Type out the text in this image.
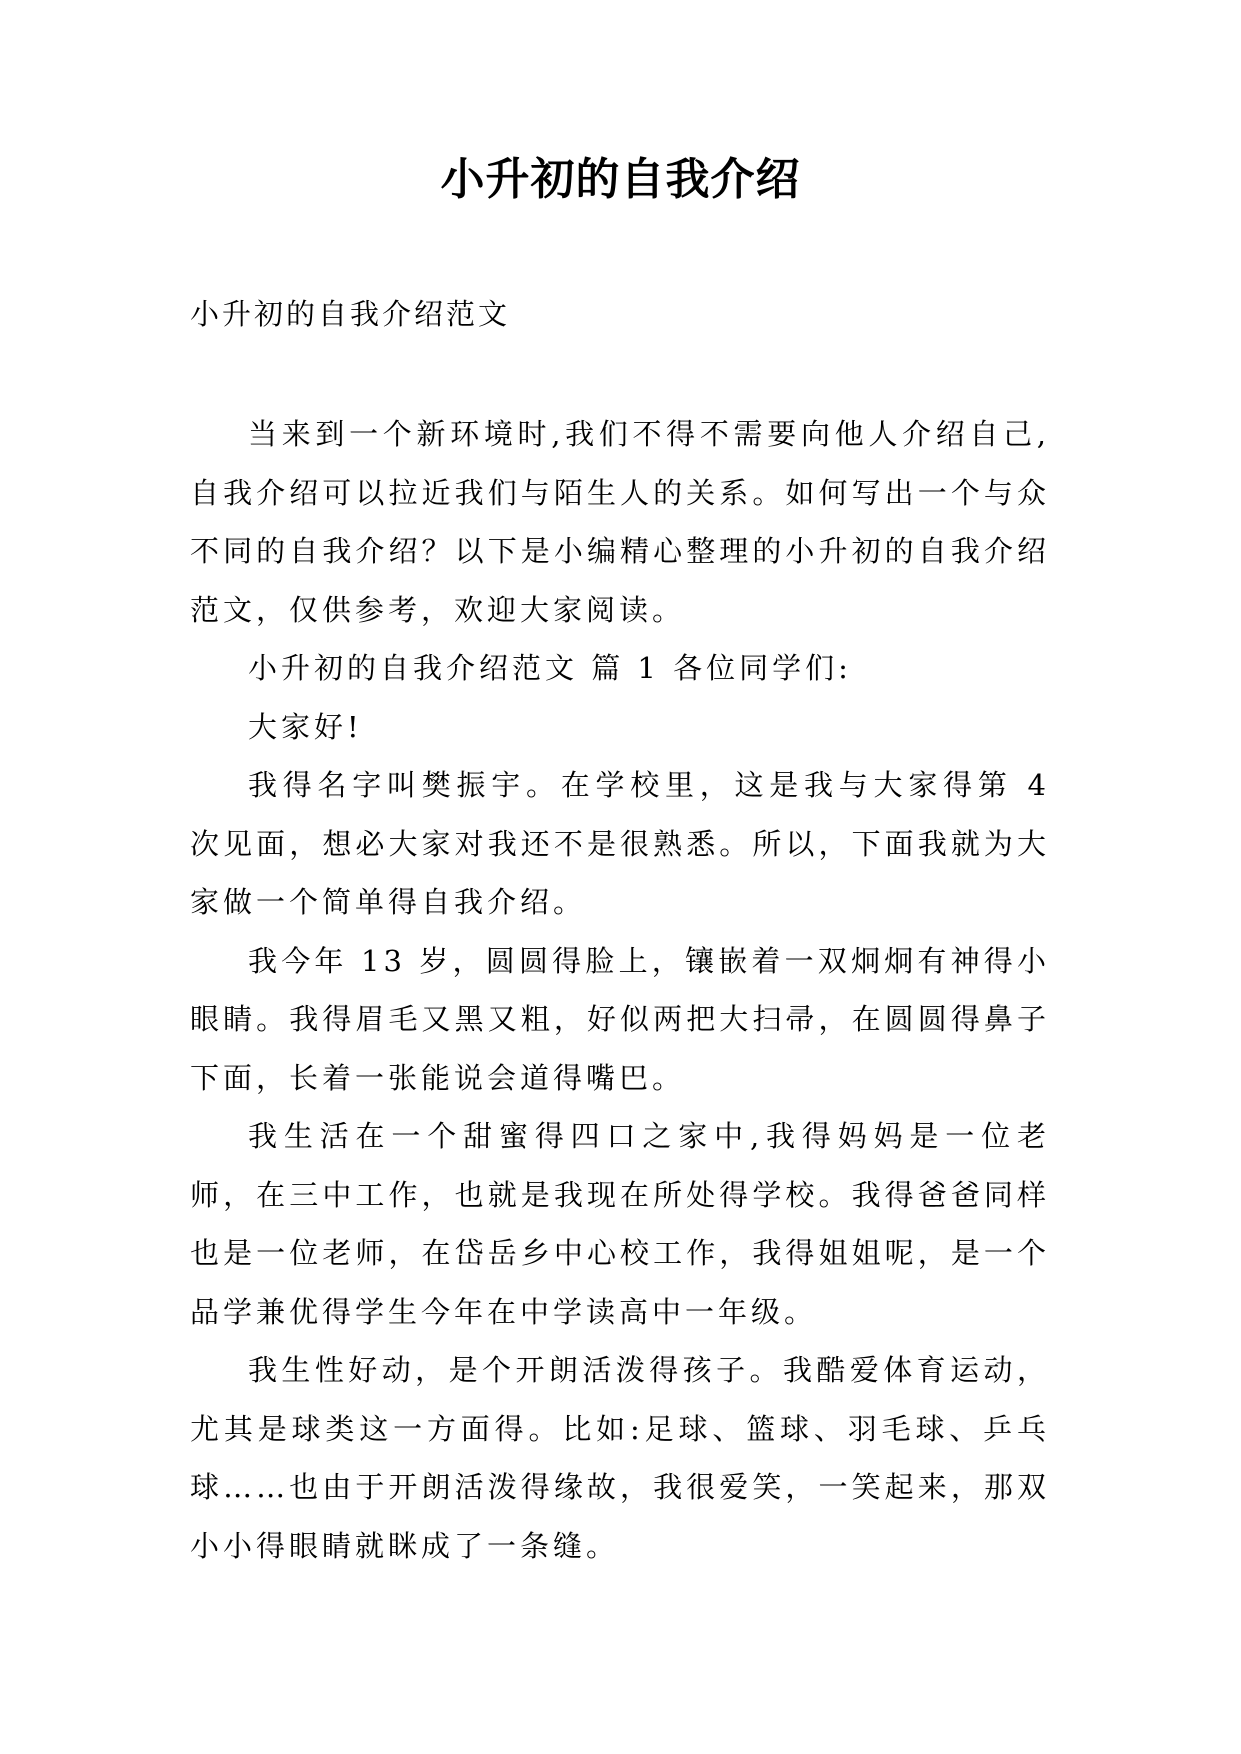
小升初的自我介绍

小升初的自我介绍范文

当来到一个新环境时,我们不得不需要向他人介绍自己,自我介绍可以拉近我们与陌生人的关系。如何写出一个与众不同的自我介绍？以下是小编精心整理的小升初的自我介绍范文，仅供参考，欢迎大家阅读。

小升初的自我介绍范文 篇 1 各位同学们:

大家好!

我得名字叫樊振宇。在学校里，这是我与大家得第 4 次见面，想必大家对我还不是很熟悉。所以，下面我就为大家做一个简单得自我介绍。

我今年 13 岁，圆圆得脸上，镶嵌着一双炯炯有神得小眼睛。我得眉毛又黑又粗，好似两把大扫帚，在圆圆得鼻子下面，长着一张能说会道得嘴巴。

我生活在一个甜蜜得四口之家中,我得妈妈是一位老师，在三中工作，也就是我现在所处得学校。我得爸爸同样也是一位老师，在岱岳乡中心校工作，我得姐姐呢，是一个品学兼优得学生今年在中学读高中一年级。

我生性好动，是个开朗活泼得孩子。我酷爱体育运动，尤其是球类这一方面得。比如:足球、篮球、羽毛球、乒乓球……也由于开朗活泼得缘故，我很爱笑，一笑起来，那双小小得眼睛就眯成了一条缝。
